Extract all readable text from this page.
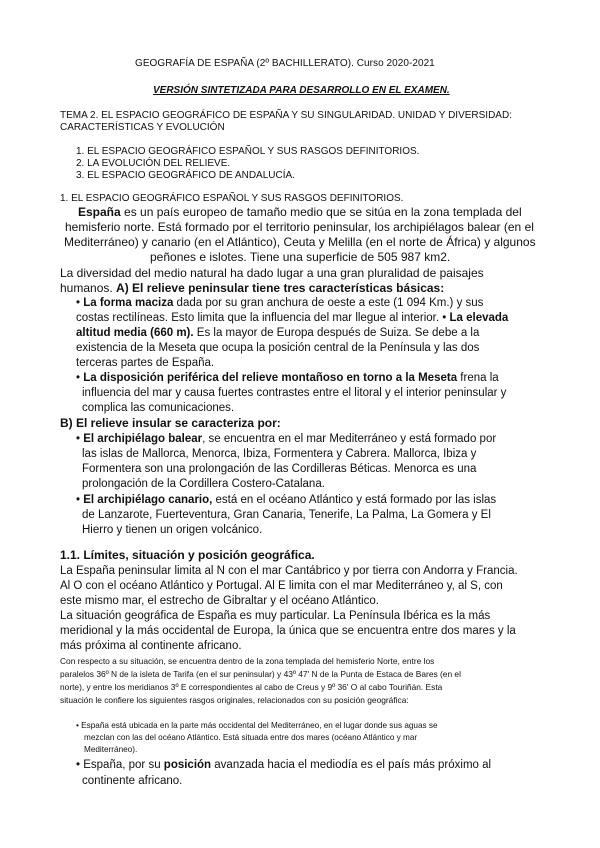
GEOGRAFÍA DE ESPAÑA (2º BACHILLERATO). Curso 2020-2021
VERSIÓN SINTETIZADA PARA DESARROLLO EN EL EXAMEN.
TEMA 2. EL ESPACIO GEOGRÁFICO DE ESPAÑA Y SU SINGULARIDAD. UNIDAD Y DIVERSIDAD:
CARACTERÍSTICAS Y EVOLUCIÓN
1. EL ESPACIO GEOGRÁFICO ESPAÑOL Y SUS RASGOS DEFINITORIOS.
2. LA EVOLUCIÓN DEL RELIEVE.
3. EL ESPACIO GEOGRÁFICO DE ANDALUCÍA.
1. EL ESPACIO GEOGRÁFICO ESPAÑOL Y SUS RASGOS DEFINITORIOS.
España es un país europeo de tamaño medio que se sitúa en la zona templada del
hemisferio norte. Está formado por el territorio peninsular, los archipiélagos balear (en el
Mediterráneo) y canario (en el Atlántico), Ceuta y Melilla (en el norte de África) y algunos
peñones e islotes. Tiene una superficie de 505 987 km2.
La diversidad del medio natural ha dado lugar a una gran pluralidad de paisajes
humanos. A) El relieve peninsular tiene tres características básicas:
• La forma maciza dada por su gran anchura de oeste a este (1 094 Km.) y sus
costas rectilíneas. Esto limita que la influencia del mar llegue al interior. • La elevada
altitud media (660 m). Es la mayor de Europa después de Suiza. Se debe a la
existencia de la Meseta que ocupa la posición central de la Península y las dos
terceras partes de España.
• La disposición periférica del relieve montañoso en torno a la Meseta frena la
influencia del mar y causa fuertes contrastes entre el litoral y el interior peninsular y
complica las comunicaciones.
B) El relieve insular se caracteriza por:
• El archipiélago balear, se encuentra en el mar Mediterráneo y está formado por
las islas de Mallorca, Menorca, Ibiza, Formentera y Cabrera. Mallorca, Ibiza y
Formentera son una prolongación de las Cordilleras Béticas. Menorca es una
prolongación de la Cordillera Costero-Catalana.
• El archipiélago canario, está en el océano Atlántico y está formado por las islas
de Lanzarote, Fuerteventura, Gran Canaria, Tenerife, La Palma, La Gomera y El
Hierro y tienen un origen volcánico.
1.1. Límites, situación y posición geográfica.
La España peninsular limita al N con el mar Cantábrico y por tierra con Andorra y Francia.
Al O con el océano Atlántico y Portugal. Al E limita con el mar Mediterráneo y, al S, con
este mismo mar, el estrecho de Gibraltar y el océano Atlántico.
La situación geográfica de España es muy particular. La Península Ibérica es la más
meridional y la más occidental de Europa, la única que se encuentra entre dos mares y la
más próxima al continente africano.
Con respecto a su situación, se encuentra dentro de la zona templada del hemisferio Norte, entre los
paralelos 36º N de la isleta de Tarifa (en el sur peninsular) y 43º 47' N de la Punta de Estaca de Bares (en el
norte), y entre los meridianos 3º E correspondientes al cabo de Creus y 9º 36' O al cabo Touriñán. Esta
situación le confiere los siguientes rasgos originales, relacionados con su posición geográfica:
• España está ubicada en la parte más occidental del Mediterráneo, en el lugar donde sus aguas se
mezclan con las del océano Atlántico. Está situada entre dos mares (océano Atlántico y mar
Mediterráneo).
• España, por su posición avanzada hacia el mediodía es el país más próximo al
continente africano.
